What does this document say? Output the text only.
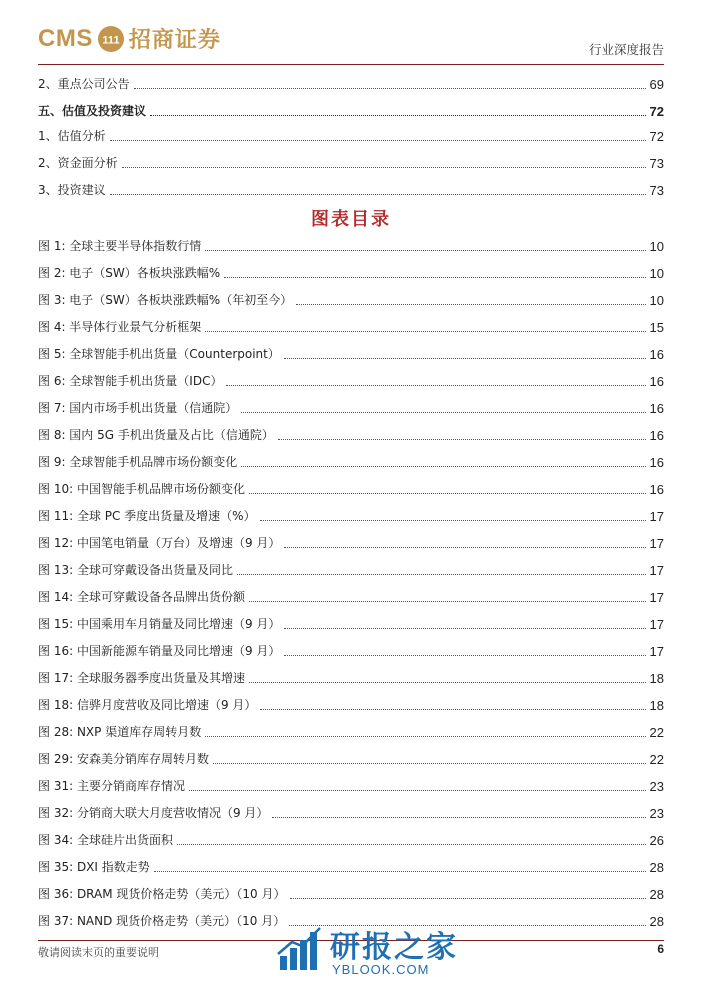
CMS 111 招商证券	行业深度报告
2、重点公司公告	69
五、估值及投资建议	72
1、估值分析	72
2、资金面分析	73
3、投资建议	73
图表目录
图 1: 全球主要半导体指数行情	10
图 2: 电子（SW）各板块涨跌幅%	10
图 3: 电子（SW）各板块涨跌幅%（年初至今）	10
图 4: 半导体行业景气分析框架	15
图 5: 全球智能手机出货量（Counterpoint）	16
图 6: 全球智能手机出货量（IDC）	16
图 7: 国内市场手机出货量（信通院）	16
图 8: 国内 5G 手机出货量及占比（信通院）	16
图 9: 全球智能手机品牌市场份额变化	16
图 10: 中国智能手机品牌市场份额变化	16
图 11: 全球 PC 季度出货量及增速（%）	17
图 12: 中国笔电销量（万台）及增速（9 月）	17
图 13: 全球可穿戴设备出货量及同比	17
图 14: 全球可穿戴设备各品牌出货份额	17
图 15: 中国乘用车月销量及同比增速（9 月）	17
图 16: 中国新能源车销量及同比增速（9 月）	17
图 17: 全球服务器季度出货量及其增速	18
图 18: 信骅月度营收及同比增速（9 月）	18
图 28: NXP 渠道库存周转月数	22
图 29: 安森美分销库存周转月数	22
图 31: 主要分销商库存情况	23
图 32: 分销商大联大月度营收情况（9 月）	23
图 34: 全球硅片出货面积	26
图 35: DXI 指数走势	28
图 36: DRAM 现货价格走势（美元）（10 月）	28
图 37: NAND 现货价格走势（美元）（10 月）	28
敬请阅读末页的重要说明	6
研报之家
YBLOOK.COM
